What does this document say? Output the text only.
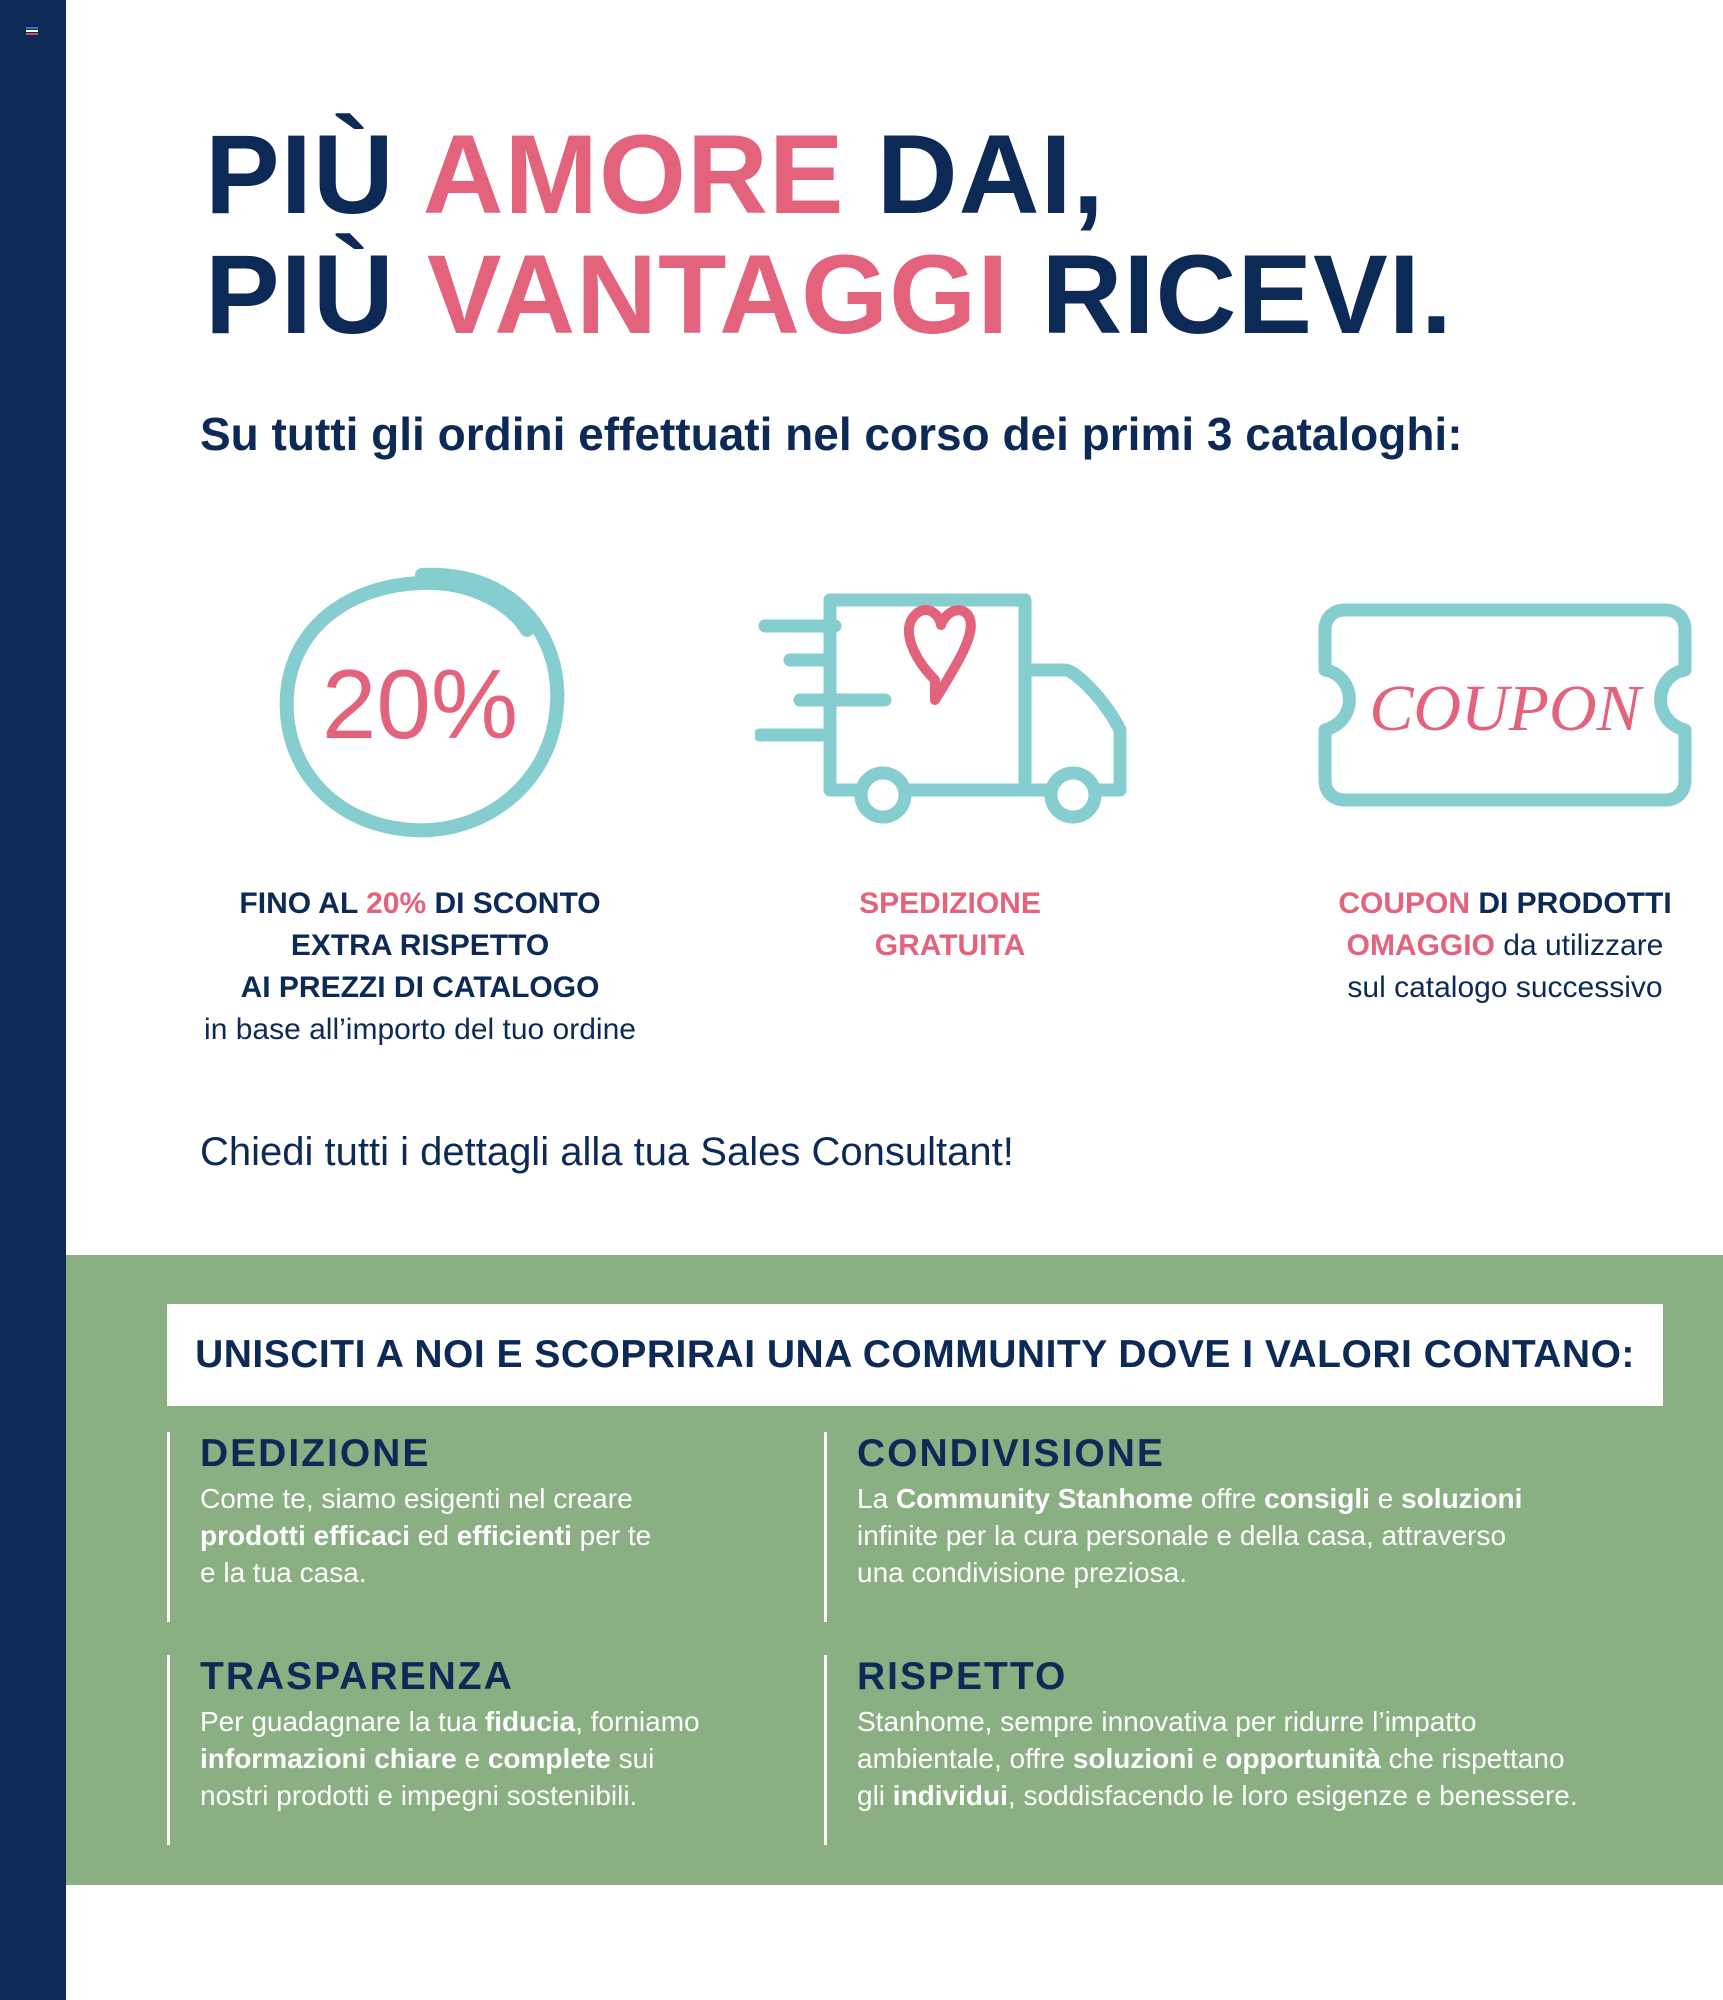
PIÙ AMORE DAI,
PIÙ VANTAGGI RICEVI.
Su tutti gli ordini effettuati nel corso dei primi 3 cataloghi:
20%	COUPON
FINO AL 20% DI SCONTO
EXTRA RISPETTO
AI PREZZI DI CATALOGO
in base all’importo del tuo ordine
SPEDIZIONE
GRATUITA
COUPON DI PRODOTTI
OMAGGIO da utilizzare
sul catalogo successivo
Chiedi tutti i dettagli alla tua Sales Consultant!
UNISCITI A NOI E SCOPRIRAI UNA COMMUNITY DOVE I VALORI CONTANO:
DEDIZIONE

Come te, siamo esigenti nel creare
prodotti efficaci ed efficienti per te
e la tua casa.

CONDIVISIONE

La Community Stanhome offre consigli e soluzioni
infinite per la cura personale e della casa, attraverso
una condivisione preziosa.

TRASPARENZA

Per guadagnare la tua fiducia, forniamo
informazioni chiare e complete sui
nostri prodotti e impegni sostenibili.

RISPETTO

Stanhome, sempre innovativa per ridurre l’impatto
ambientale, offre soluzioni e opportunità che rispettano
gli individui, soddisfacendo le loro esigenze e benessere.
